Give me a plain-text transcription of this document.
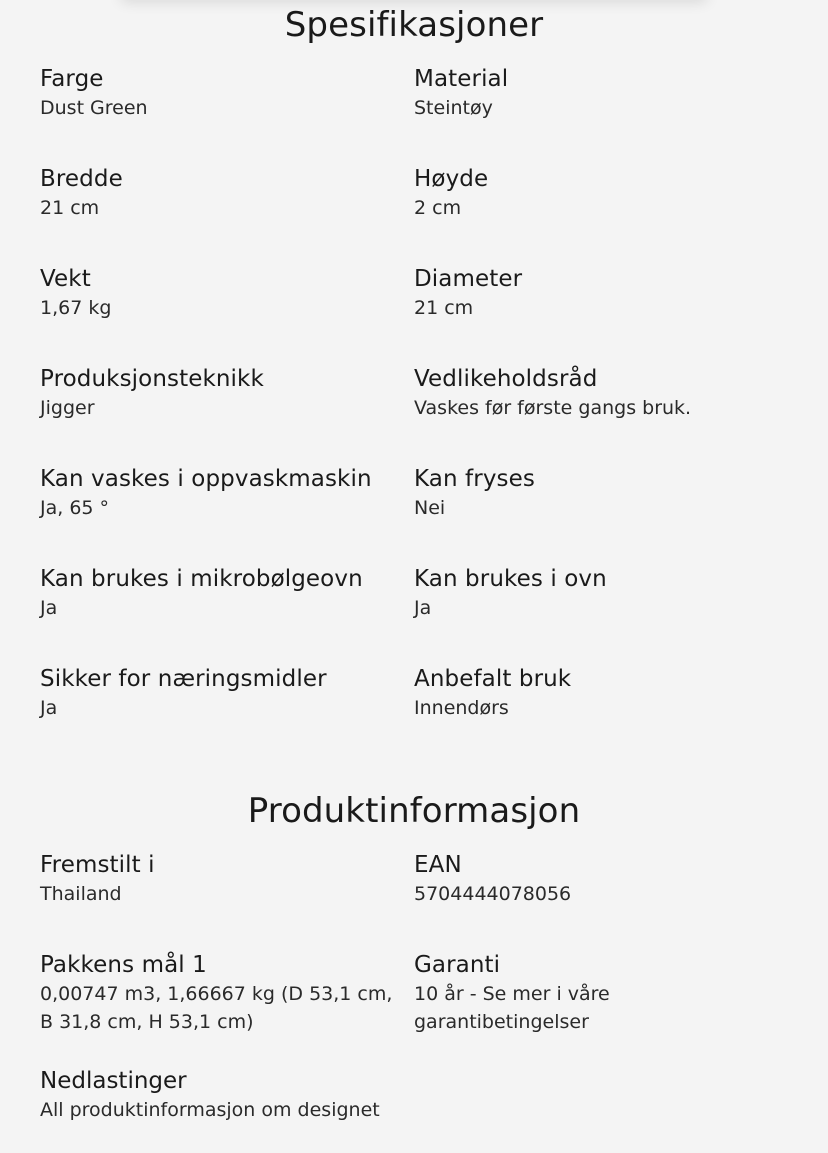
Spesifikasjoner
Farge
Dust Green
Material
Steintøy
Bredde
21 cm
Høyde
2 cm
Vekt
1,67 kg
Diameter
21 cm
Produksjonsteknikk
Jigger
Vedlikeholdsråd
Vaskes før første gangs bruk.
Kan vaskes i oppvaskmaskin
Ja, 65 °
Kan fryses
Nei
Kan brukes i mikrobølgeovn
Ja
Kan brukes i ovn
Ja
Sikker for næringsmidler
Ja
Anbefalt bruk
Innendørs
Produktinformasjon
Fremstilt i
Thailand
EAN
5704444078056
Pakkens mål 1
0,00747 m3, 1,66667 kg (D 53,1 cm, B 31,8 cm, H 53,1 cm)
Garanti
10 år - Se mer i våre garantibetingelser
Nedlastinger
All produktinformasjon om designet
